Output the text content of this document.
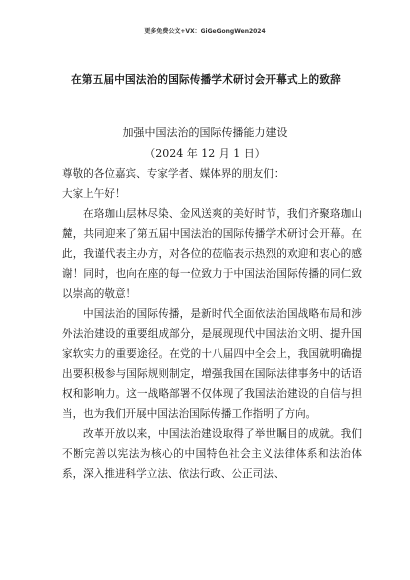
更多免费公文+VX：GiGeGongWen2024
在第五届中国法治的国际传播学术研讨会开幕式上的致辞
加强中国法治的国际传播能力建设
（2024 年 12 月 1 日）

尊敬的各位嘉宾、专家学者、媒体界的朋友们：

大家上午好！

在珞珈山层林尽染、金风送爽的美好时节，我们齐聚珞珈山麓，共同迎来了第五届中国法治的国际传播学术研讨会开幕。在此，我谨代表主办方，对各位的莅临表示热烈的欢迎和衷心的感谢！同时，也向在座的每一位致力于中国法治国际传播的同仁致以崇高的敬意！

中国法治的国际传播，是新时代全面依法治国战略布局和涉外法治建设的重要组成部分，是展现现代中国法治文明、提升国家软实力的重要途径。在党的十八届四中全会上，我国就明确提出要积极参与国际规则制定，增强我国在国际法律事务中的话语权和影响力。这一战略部署不仅体现了我国法治建设的自信与担当，也为我们开展中国法治国际传播工作指明了方向。

改革开放以来，中国法治建设取得了举世瞩目的成就。我们不断完善以宪法为核心的中国特色社会主义法律体系和法治体系，深入推进科学立法、依法行政、公正司法、
